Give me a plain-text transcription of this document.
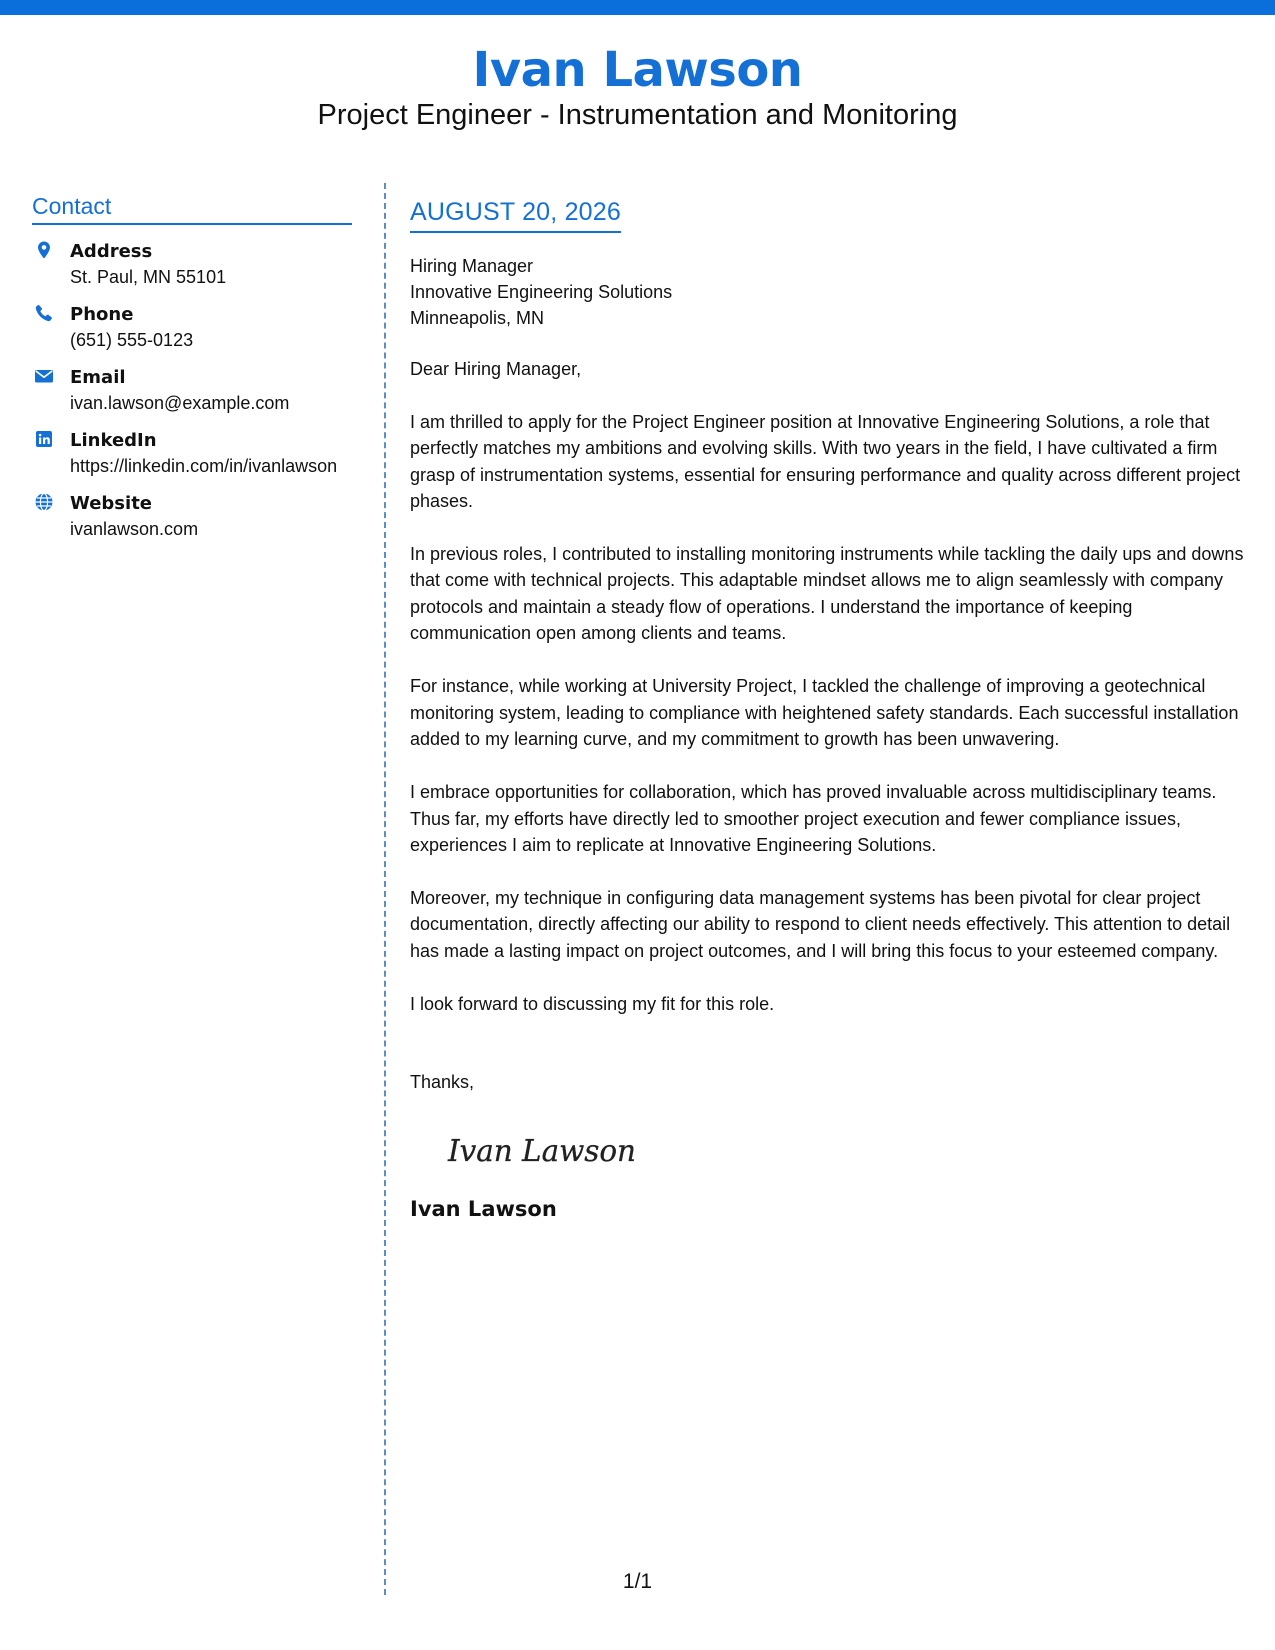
Ivan Lawson
Project Engineer - Instrumentation and Monitoring
Contact
Address
St. Paul, MN 55101
Phone
(651) 555-0123
Email
ivan.lawson@example.com
LinkedIn
https://linkedin.com/in/ivanlawson
Website
ivanlawson.com
AUGUST 20, 2026
Hiring Manager
Innovative Engineering Solutions
Minneapolis, MN
Dear Hiring Manager,
I am thrilled to apply for the Project Engineer position at Innovative Engineering Solutions, a role that perfectly matches my ambitions and evolving skills. With two years in the field, I have cultivated a firm grasp of instrumentation systems, essential for ensuring performance and quality across different project phases.
In previous roles, I contributed to installing monitoring instruments while tackling the daily ups and downs that come with technical projects. This adaptable mindset allows me to align seamlessly with company protocols and maintain a steady flow of operations. I understand the importance of keeping communication open among clients and teams.
For instance, while working at University Project, I tackled the challenge of improving a geotechnical monitoring system, leading to compliance with heightened safety standards. Each successful installation added to my learning curve, and my commitment to growth has been unwavering.
I embrace opportunities for collaboration, which has proved invaluable across multidisciplinary teams. Thus far, my efforts have directly led to smoother project execution and fewer compliance issues, experiences I aim to replicate at Innovative Engineering Solutions.
Moreover, my technique in configuring data management systems has been pivotal for clear project documentation, directly affecting our ability to respond to client needs effectively. This attention to detail has made a lasting impact on project outcomes, and I will bring this focus to your esteemed company.
I look forward to discussing my fit for this role.
Thanks,
Ivan Lawson
Ivan Lawson
1/1
